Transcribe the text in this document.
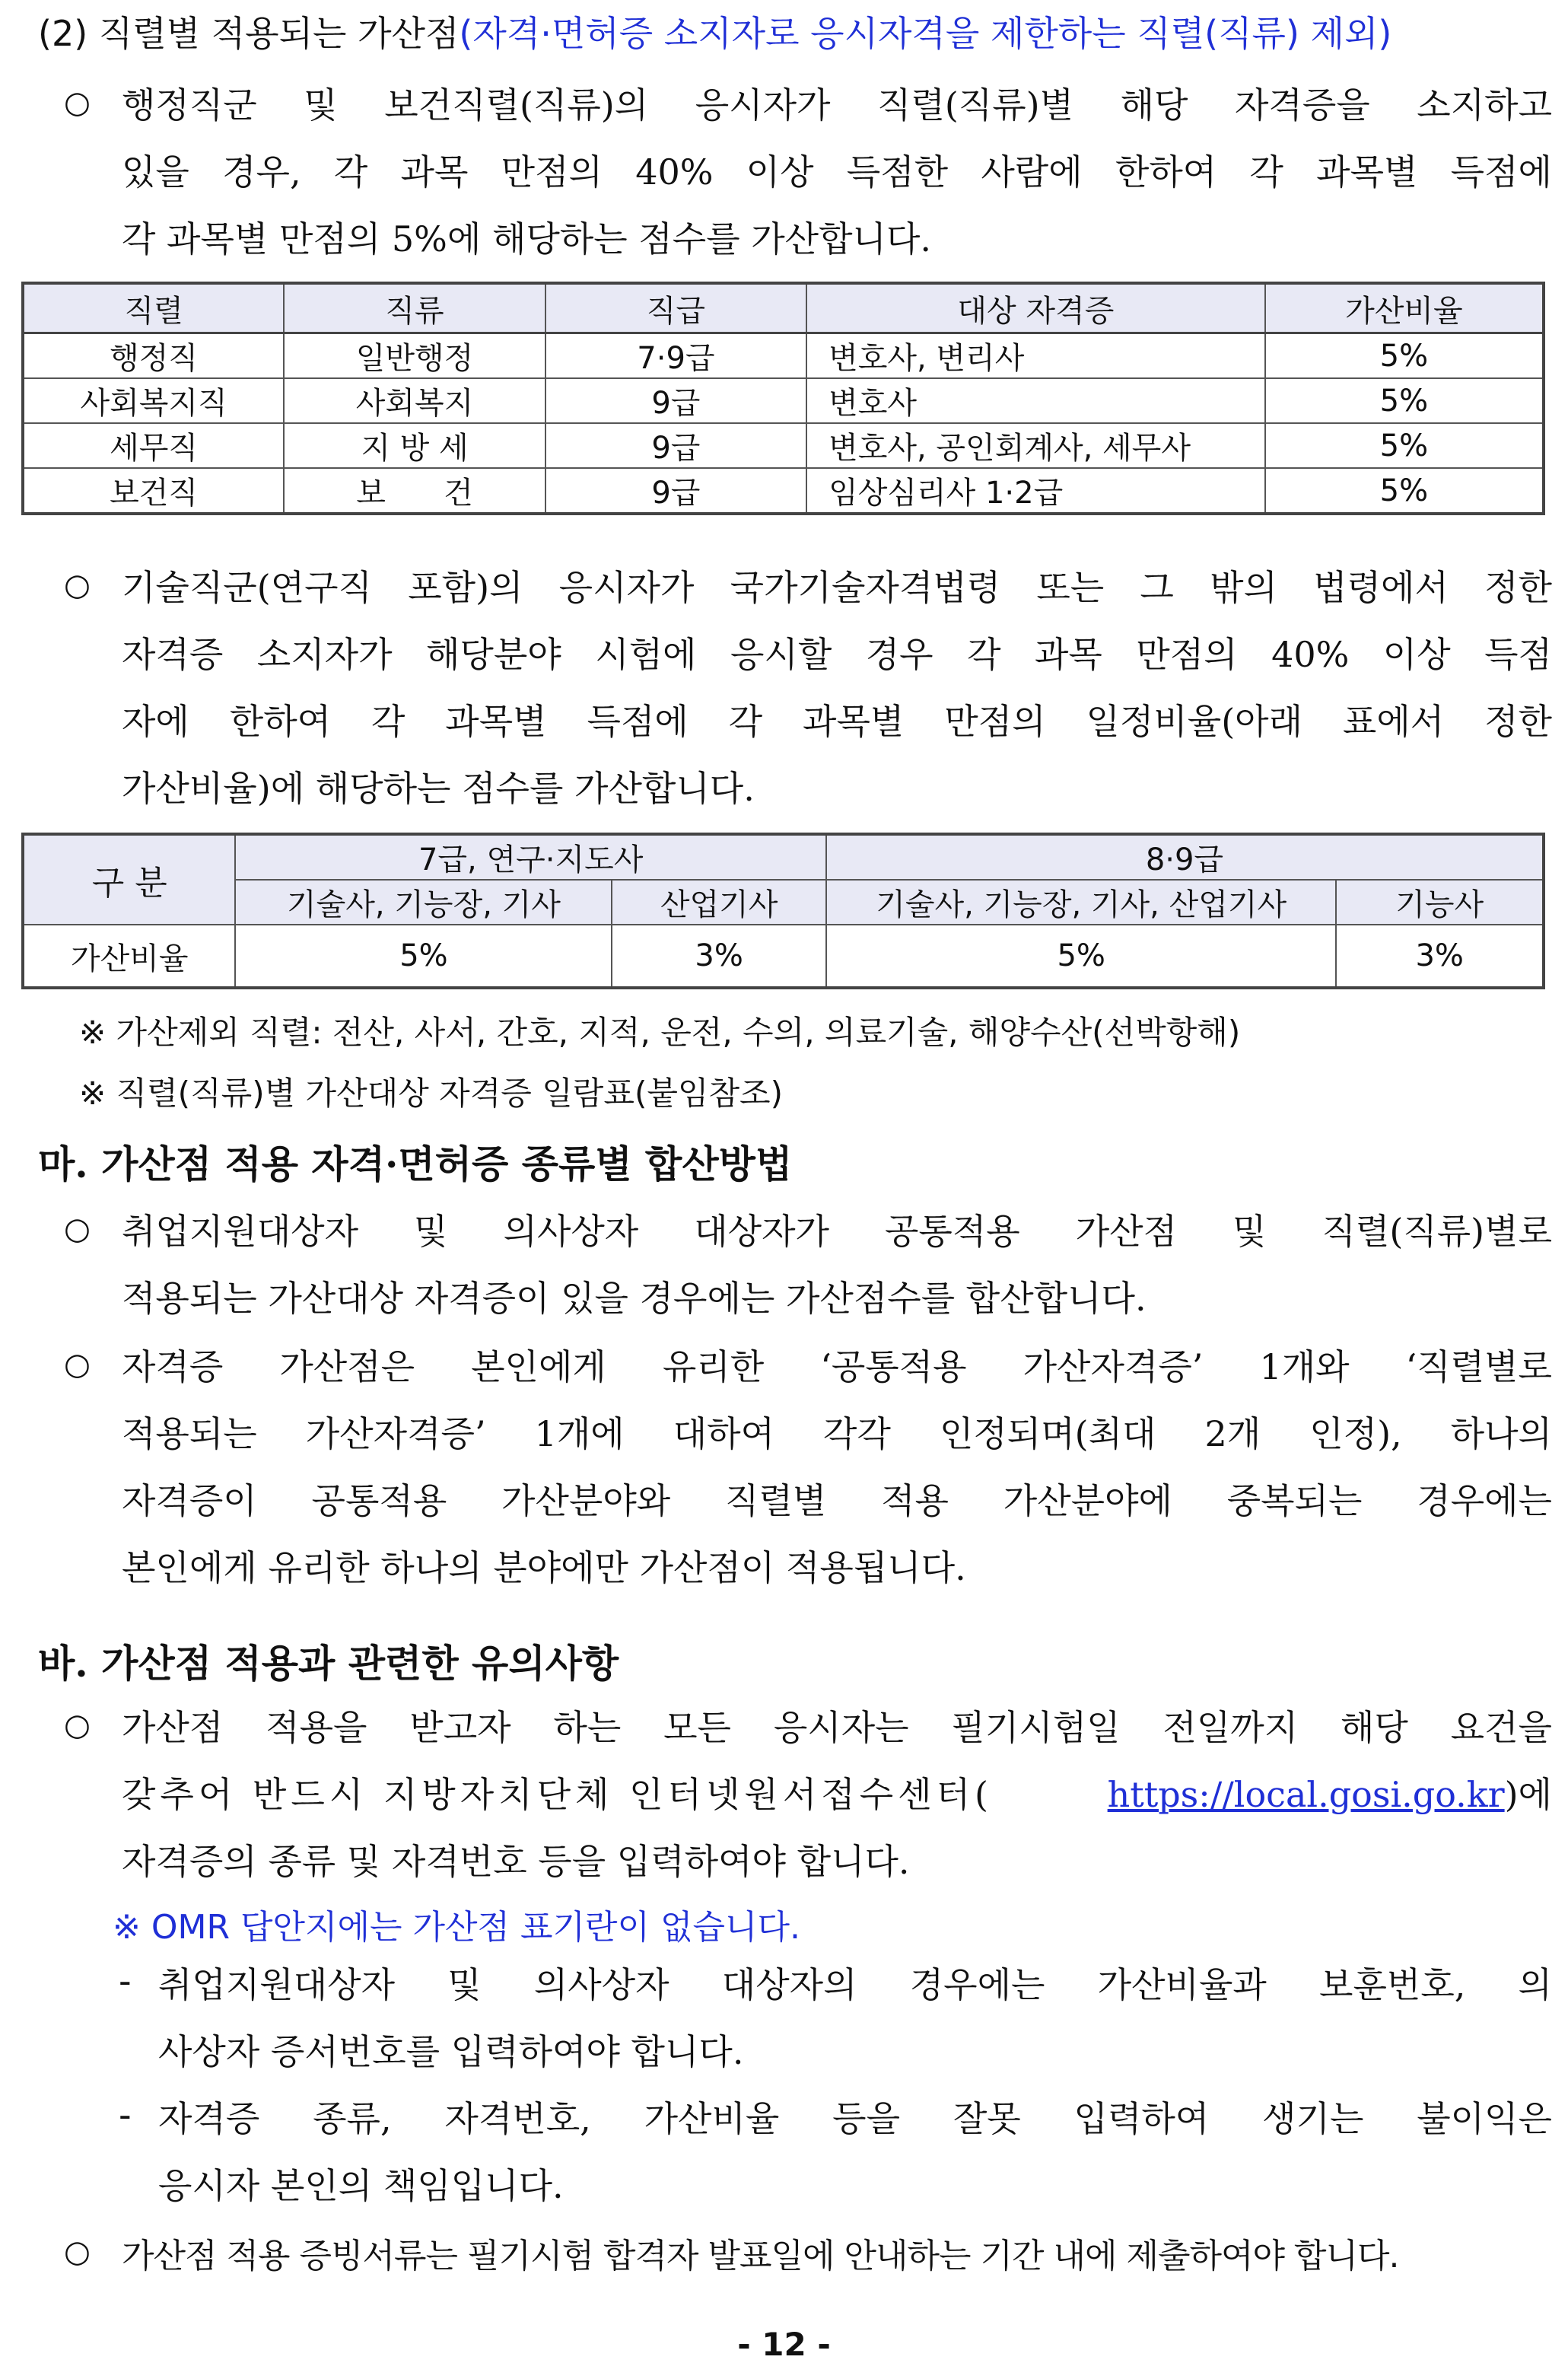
(2) 직렬별 적용되는 가산점(자격·면허증 소지자로 응시자격을 제한하는 직렬(직류) 제외)
○ 행정직군 및 보건직렬(직류)의 응시자가 직렬(직류)별 해당 자격증을 소지하고
있을 경우, 각 과목 만점의 40% 이상 득점한 사람에 한하여 각 과목별 득점에
각 과목별 만점의 5%에 해당하는 점수를 가산합니다.
직렬	직류	직급	대상 자격증	가산비율
행정직	일반행정	7·9급	변호사, 변리사	5%
사회복지직	사회복지	9급	변호사	5%
세무직	지 방 세	9급	변호사, 공인회계사, 세무사	5%
보건직	보      건	9급	임상심리사 1·2급	5%
○ 기술직군(연구직 포함)의 응시자가 국가기술자격법령 또는 그 밖의 법령에서 정한
자격증 소지자가 해당분야 시험에 응시할 경우 각 과목 만점의 40% 이상 득점
자에 한하여 각 과목별 득점에 각 과목별 만점의 일정비율(아래 표에서 정한
가산비율)에 해당하는 점수를 가산합니다.
구 분	7급, 연구·지도사		8·9급	
	기술사, 기능장, 기사	산업기사	기술사, 기능장, 기사, 산업기사	기능사
가산비율	5%	3%	5%	3%
※ 가산제외 직렬: 전산, 사서, 간호, 지적, 운전, 수의, 의료기술, 해양수산(선박항해)
※ 직렬(직류)별 가산대상 자격증 일람표(붙임참조)
마. 가산점 적용 자격·면허증 종류별 합산방법
○ 취업지원대상자 및 의사상자 대상자가 공통적용 가산점 및 직렬(직류)별로
적용되는 가산대상 자격증이 있을 경우에는 가산점수를 합산합니다.
○ 자격증 가산점은 본인에게 유리한 ‘공통적용 가산자격증’ 1개와 ‘직렬별로
적용되는 가산자격증’ 1개에 대하여 각각 인정되며(최대 2개 인정), 하나의
자격증이 공통적용 가산분야와 직렬별 적용 가산분야에 중복되는 경우에는
본인에게 유리한 하나의 분야에만 가산점이 적용됩니다.
바. 가산점 적용과 관련한 유의사항
○ 가산점 적용을 받고자 하는 모든 응시자는 필기시험일 전일까지 해당 요건을
갖추어 반드시 지방자치단체 인터넷원서접수센터(	https://local.gosi.go.kr)에
자격증의 종류 및 자격번호 등을 입력하여야 합니다.
※ OMR 답안지에는 가산점 표기란이 없습니다.
- 취업지원대상자 및 의사상자 대상자의 경우에는 가산비율과 보훈번호, 의
사상자 증서번호를 입력하여야 합니다.
- 자격증 종류, 자격번호, 가산비율 등을 잘못 입력하여 생기는 불이익은
응시자 본인의 책임입니다.
○ 가산점 적용 증빙서류는 필기시험 합격자 발표일에 안내하는 기간 내에 제출하여야 합니다.
- 12 -
